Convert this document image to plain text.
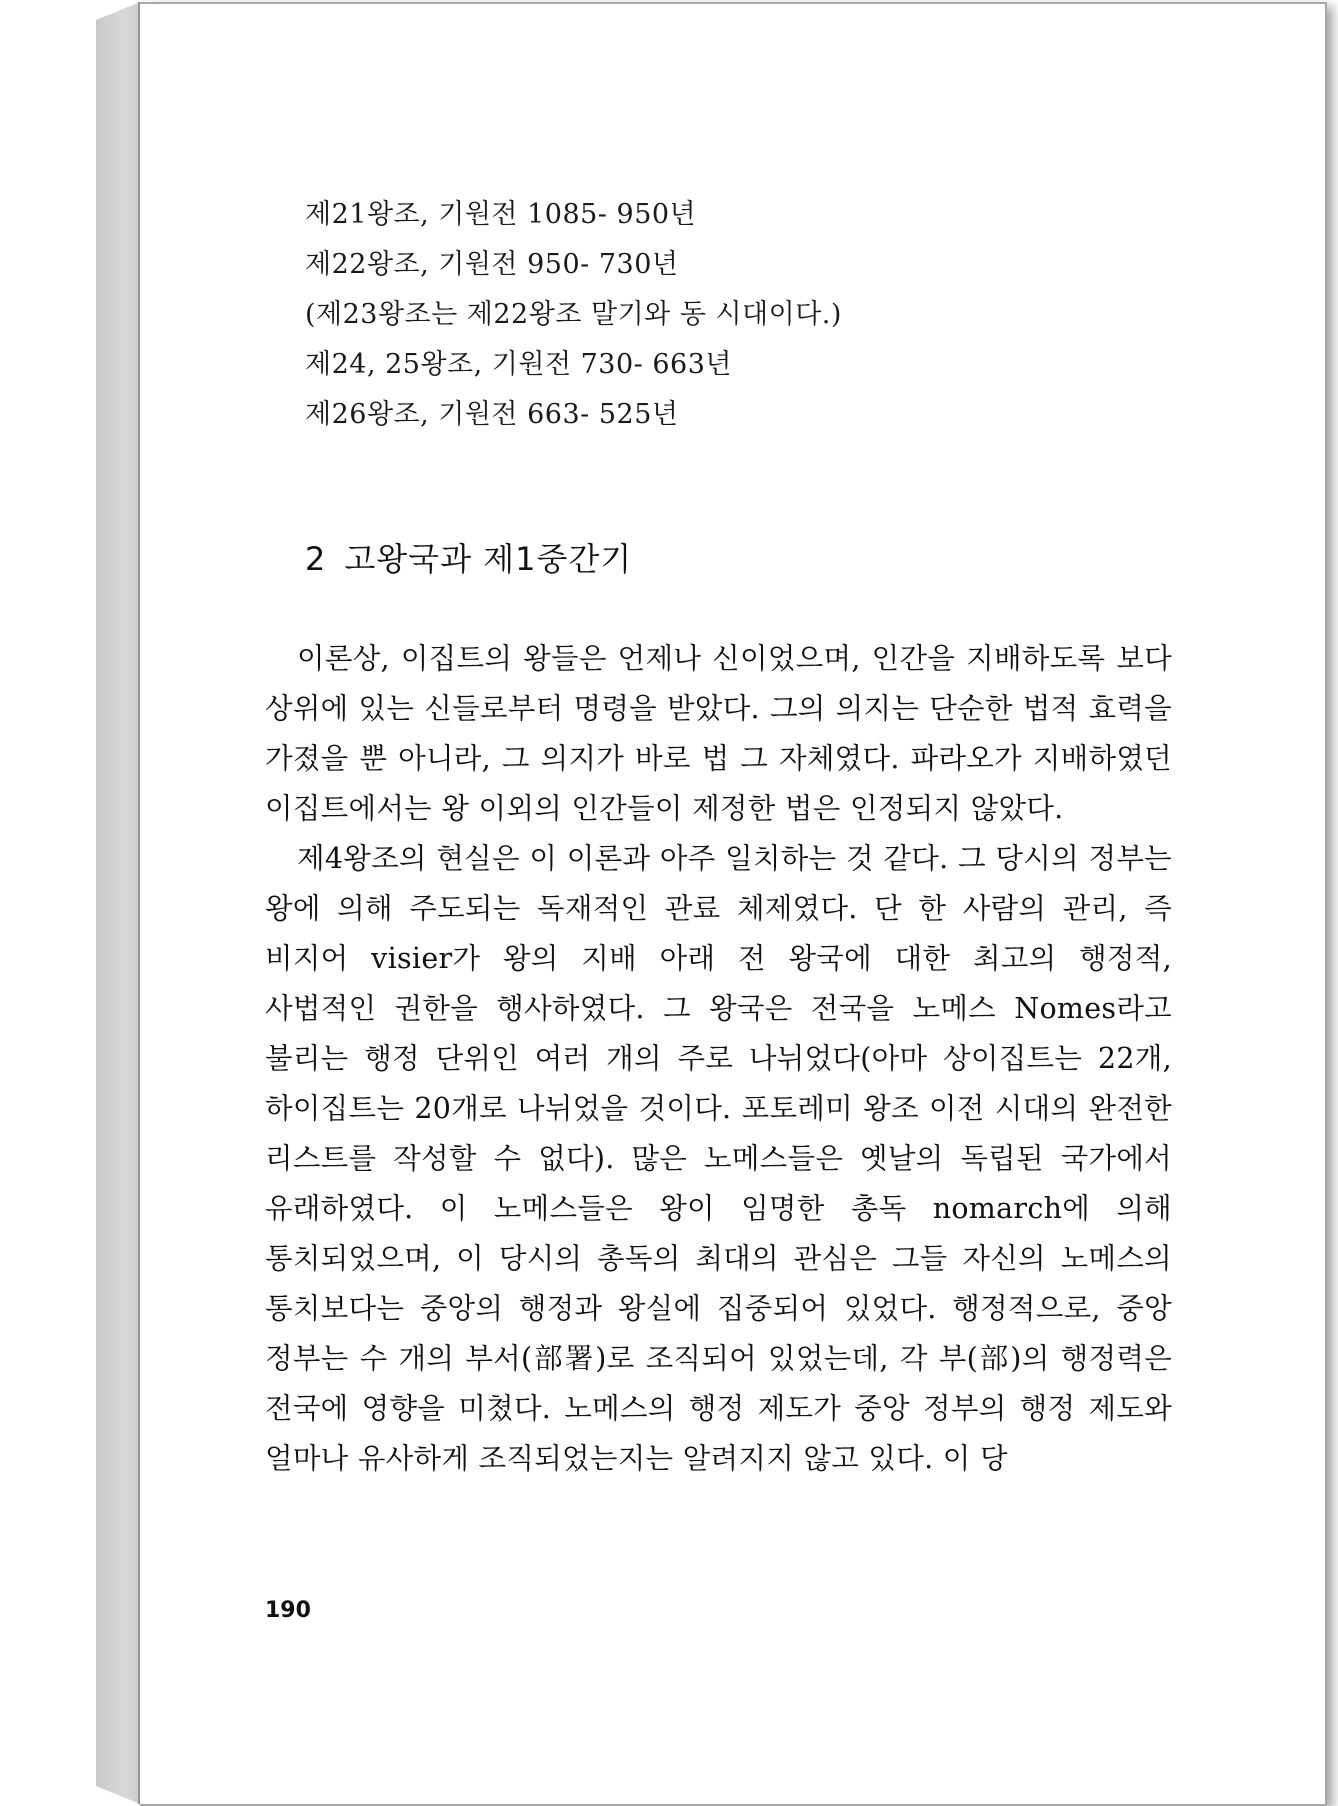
제21왕조, 기원전 1085- 950년
제22왕조, 기원전 950- 730년
(제23왕조는 제22왕조 말기와 동 시대이다.)
제24, 25왕조, 기원전 730- 663년
제26왕조, 기원전 663- 525년
2 고왕국과 제1중간기

이론상, 이집트의 왕들은 언제나 신이었으며, 인간을 지배하도록 보다 상위에 있는 신들로부터 명령을 받았다. 그의 의지는 단순한 법적 효력을 가졌을 뿐 아니라, 그 의지가 바로 법 그 자체였다. 파라오가 지배하였던 이집트에서는 왕 이외의 인간들이 제정한 법은 인정되지 않았다.

제4왕조의 현실은 이 이론과 아주 일치하는 것 같다. 그 당시의 정부는 왕에 의해 주도되는 독재적인 관료 체제였다. 단 한 사람의 관리, 즉 비지어 visier가 왕의 지배 아래 전 왕국에 대한 최고의 행정적, 사법적인 권한을 행사하였다. 그 왕국은 전국을 노메스 Nomes라고 불리는 행정 단위인 여러 개의 주로 나뉘었다(아마 상이집트는 22개, 하이집트는 20개로 나뉘었을 것이다. 포토레미 왕조 이전 시대의 완전한 리스트를 작성할 수 없다). 많은 노메스들은 옛날의 독립된 국가에서 유래하였다. 이 노메스들은 왕이 임명한 총독 nomarch에 의해 통치되었으며, 이 당시의 총독의 최대의 관심은 그들 자신의 노메스의 통치보다는 중앙의 행정과 왕실에 집중되어 있었다. 행정적으로, 중앙 정부는 수 개의 부서(部署)로 조직되어 있었는데, 각 부(部)의 행정력은 전국에 영향을 미쳤다. 노메스의 행정 제도가 중앙 정부의 행정 제도와 얼마나 유사하게 조직되었는지는 알려지지 않고 있다. 이 당

190
